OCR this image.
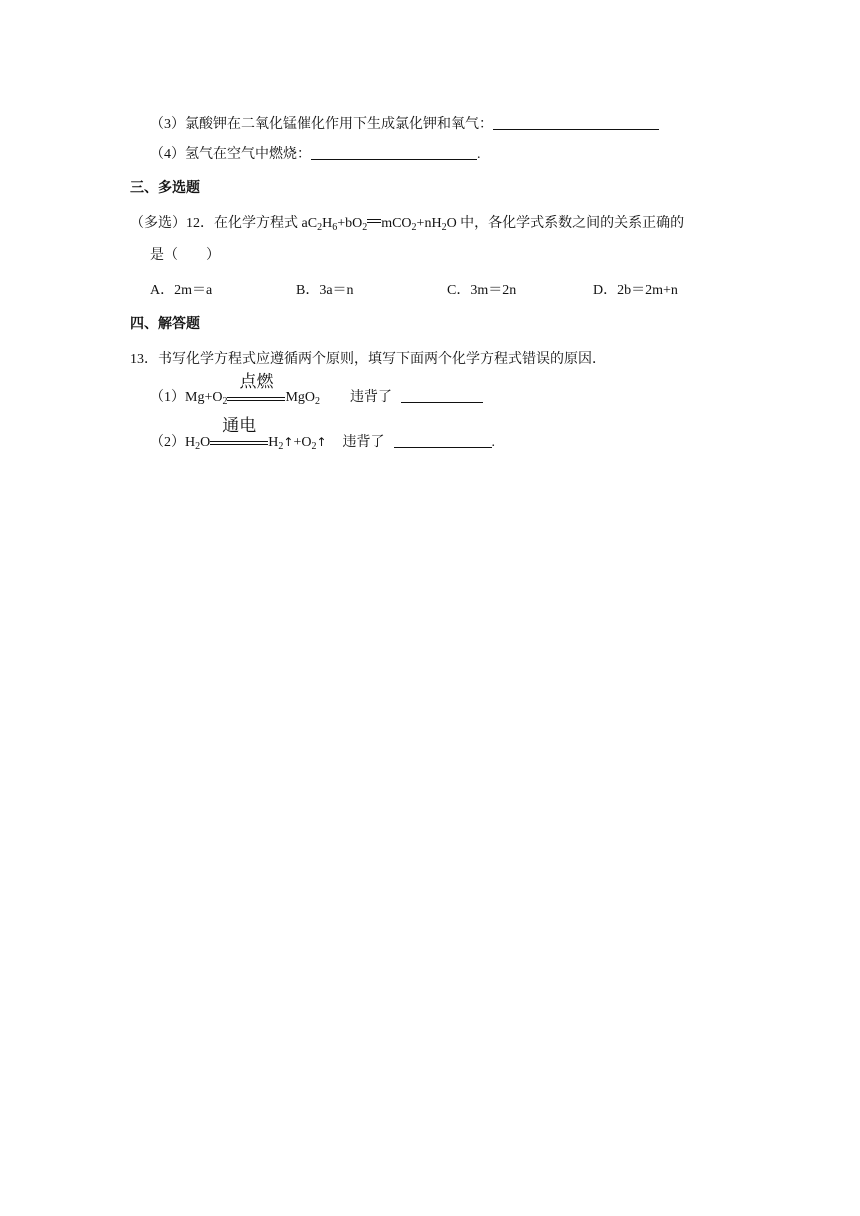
（3）氯酸钾在二氧化锰催化作用下生成氯化钾和氧气：
（4）氢气在空气中燃烧：	.
三、多选题
（多选）12．在化学方程式 $aC_2H_6+bO_2$ $mCO_2+nH_2O$ 中，各化学式系数之间的关系正确的
是（　　）
A．2m＝a	B．3a＝n	C．3m＝2n	D．2b＝2m+n
四、解答题
13．书写化学方程式应遵循两个原则，填写下面两个化学方程式错误的原因．
$(1)Mg+O_2$
点燃
MgO$_2$ 违背了
$(2)H_2O$
通电
$H_2↑+O_2↑$ 违背了	.
